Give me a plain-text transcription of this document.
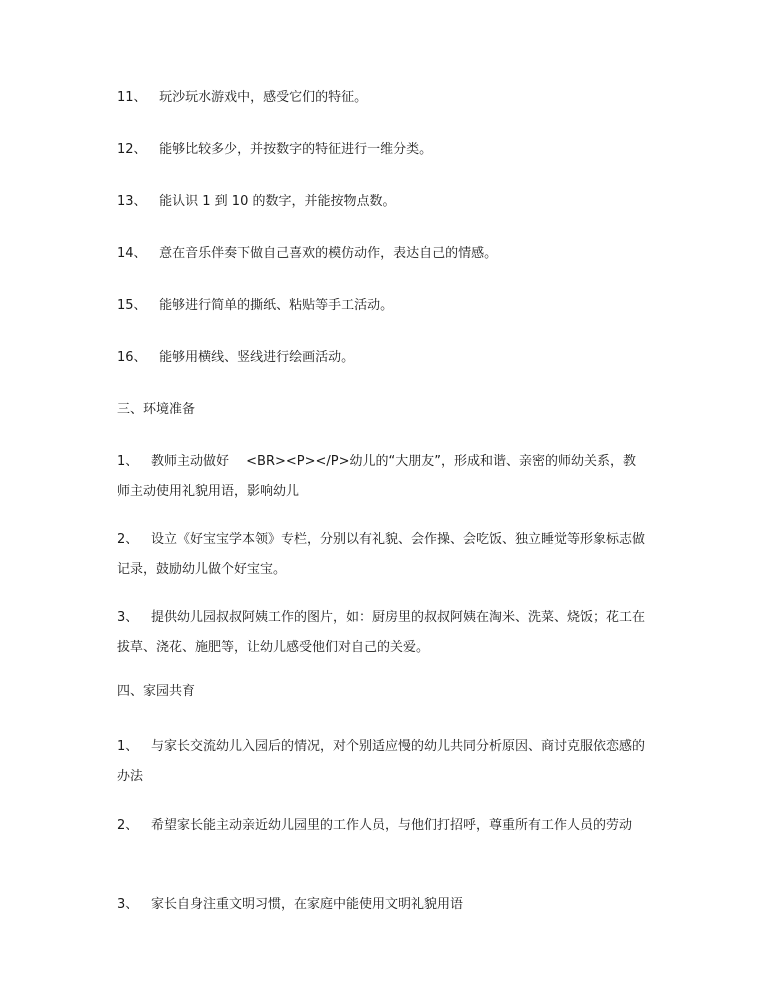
11、 玩沙玩水游戏中，感受它们的特征。
12、 能够比较多少，并按数字的特征进行一维分类。
13、 能认识 1 到 10 的数字，并能按物点数。
14、 意在音乐伴奏下做自己喜欢的模仿动作，表达自己的情感。
15、 能够进行简单的撕纸、粘贴等手工活动。
16、 能够用横线、竖线进行绘画活动。
三、环境准备
1、 教师主动做好　 <BR><P></P>幼儿的“大朋友”，形成和谐、亲密的师幼关系，教师主动使用礼貌用语，影响幼儿
2、 设立《好宝宝学本领》专栏，分别以有礼貌、会作操、会吃饭、独立睡觉等形象标志做记录，鼓励幼儿做个好宝宝。
3、 提供幼儿园叔叔阿姨工作的图片，如：厨房里的叔叔阿姨在淘米、洗菜、烧饭；花工在拔草、浇花、施肥等，让幼儿感受他们对自己的关爱。
四、家园共育
1、 与家长交流幼儿入园后的情况，对个别适应慢的幼儿共同分析原因、商讨克服依恋感的办法
2、 希望家长能主动亲近幼儿园里的工作人员，与他们打招呼，尊重所有工作人员的劳动
3、 家长自身注重文明习惯，在家庭中能使用文明礼貌用语
